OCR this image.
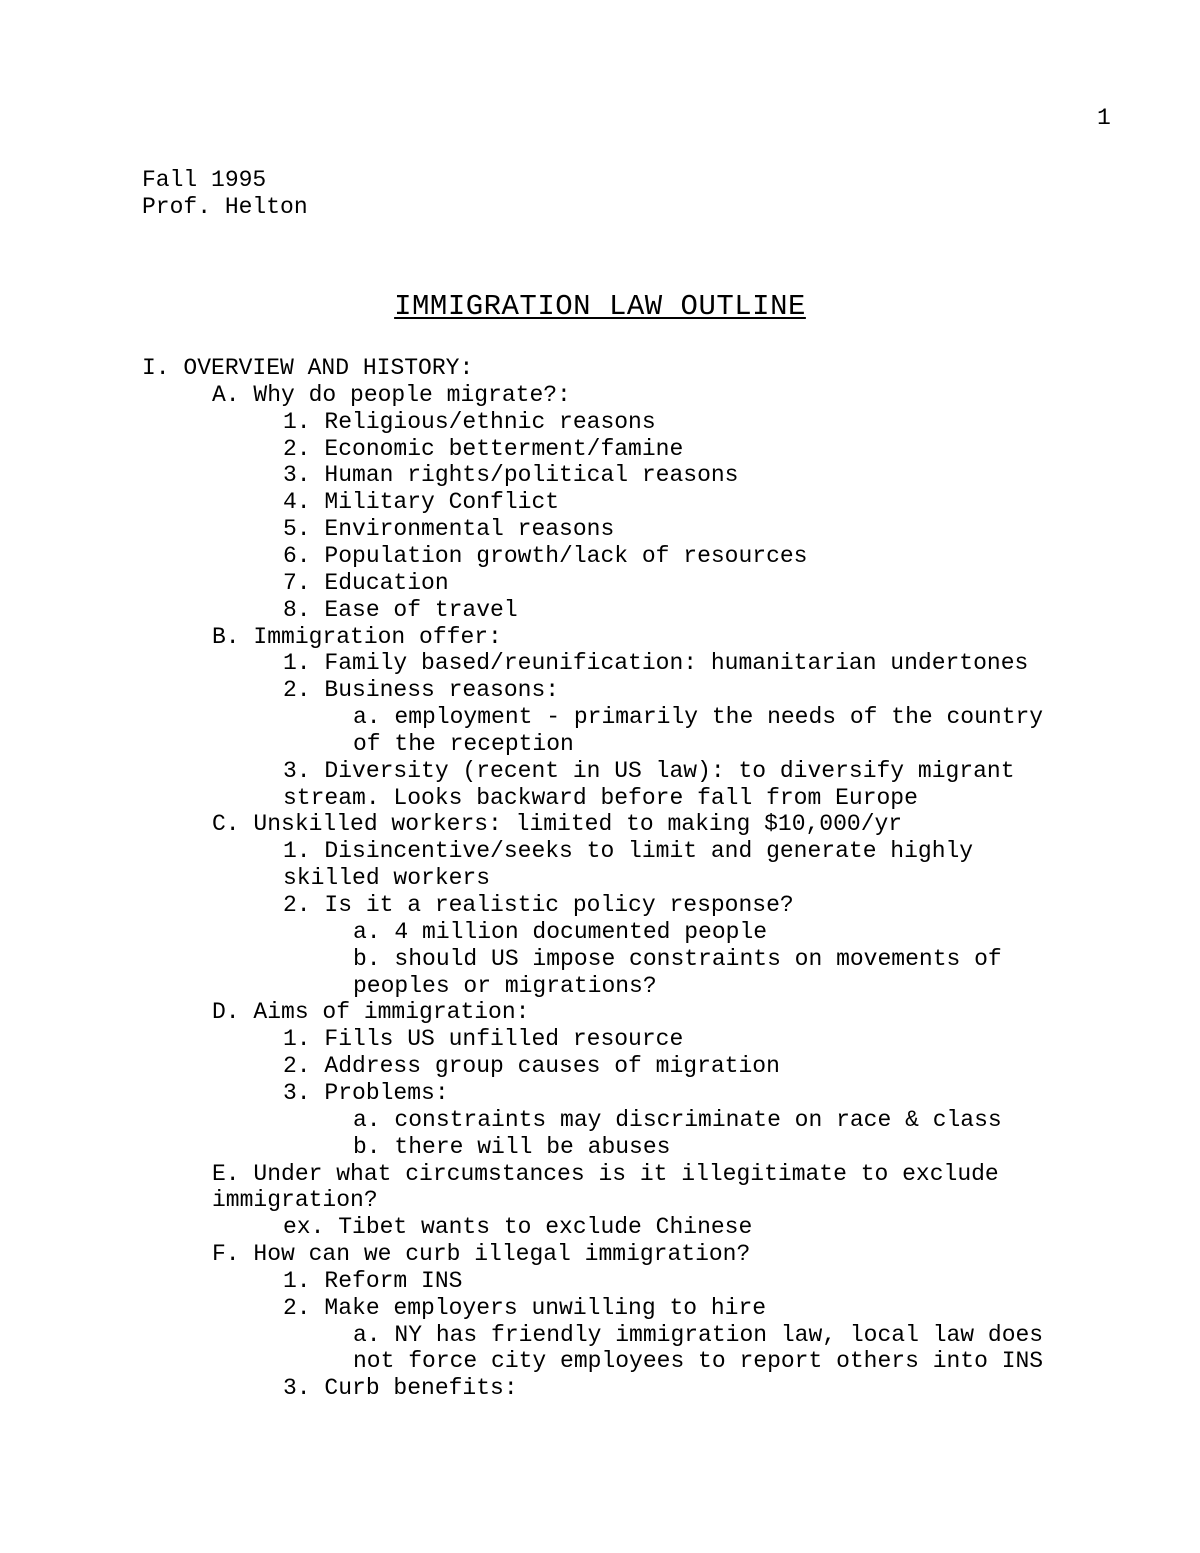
1
Fall 1995
Prof. Helton
IMMIGRATION LAW OUTLINE
I. OVERVIEW AND HISTORY:
A. Why do people migrate?:
1. Religious/ethnic reasons
2. Economic betterment/famine
3. Human rights/political reasons
4. Military Conflict
5. Environmental reasons
6. Population growth/lack of resources
7. Education
8. Ease of travel
B. Immigration offer:
1. Family based/reunification: humanitarian undertones
2. Business reasons:
a. employment - primarily the needs of the country
of the reception
3. Diversity (recent in US law): to diversify migrant
stream. Looks backward before fall from Europe
C. Unskilled workers: limited to making $10,000/yr
1. Disincentive/seeks to limit and generate highly
skilled workers
2. Is it a realistic policy response?
a. 4 million documented people
b. should US impose constraints on movements of
peoples or migrations?
D. Aims of immigration:
1. Fills US unfilled resource
2. Address group causes of migration
3. Problems:
a. constraints may discriminate on race & class
b. there will be abuses
E. Under what circumstances is it illegitimate to exclude
immigration?
ex. Tibet wants to exclude Chinese
F. How can we curb illegal immigration?
1. Reform INS
2. Make employers unwilling to hire
a. NY has friendly immigration law, local law does
not force city employees to report others into INS
3. Curb benefits:
